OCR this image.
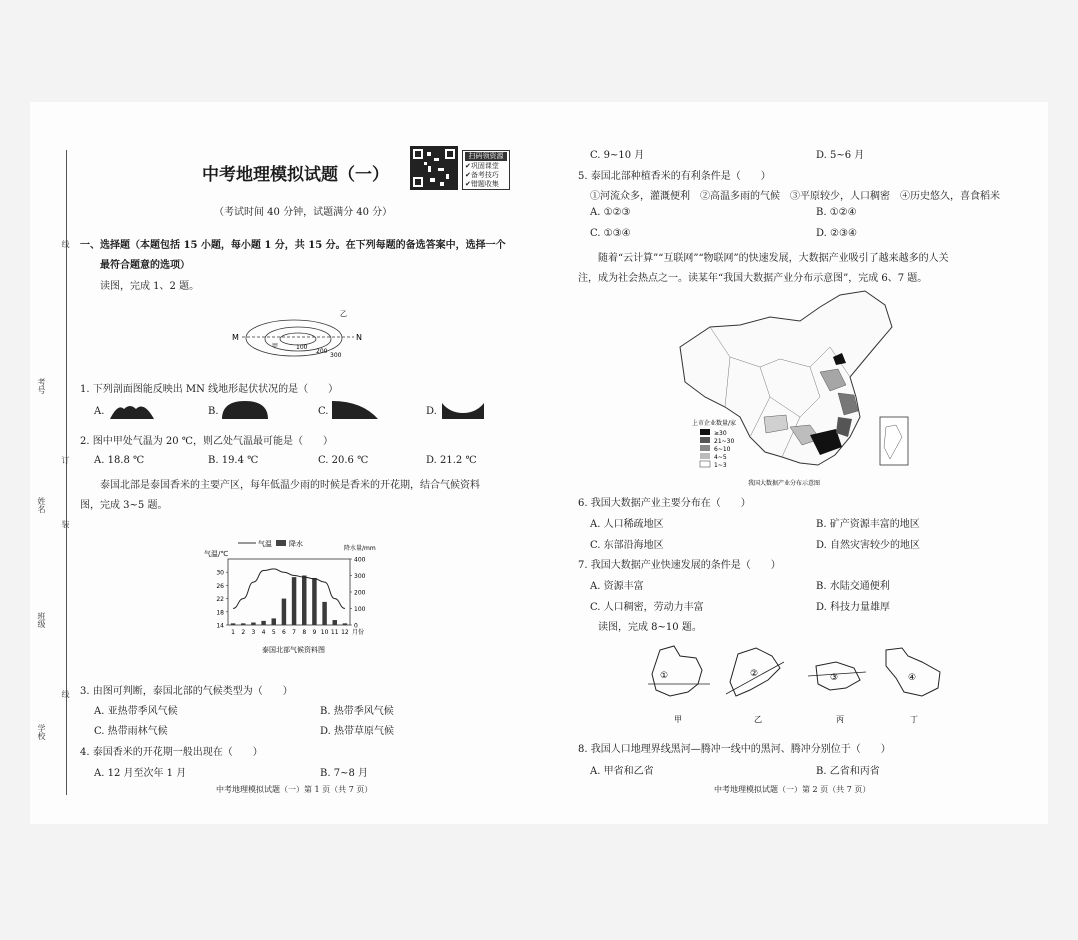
线
订
装
线
学校
班级
姓名
考号
中考地理模拟试题（一）
扫码领资源
✔巩固课堂
✔备考技巧
✔错题收集
（考试时间 40 分钟，试题满分 40 分）
一、选择题（本题包括 15 小题，每小题 1 分，共 15 分。在下列每题的备选答案中，选择一个
最符合题意的选项）
读图，完成 1、2 题。
M	N
乙
甲	100
200
300
1. 下列剖面图能反映出 MN 线地形起伏状况的是（　　）
A.	B.	C.	D.
2. 图中甲处气温为 20 ℃，则乙处气温最可能是（　　）
A. 18.8 ℃	B. 19.4 ℃	C. 20.6 ℃	D. 21.2 ℃
泰国北部是泰国香米的主要产区，每年低温少雨的时候是香米的开花期，结合气候资料
图，完成 3~5 题。
气温 降水
气温/℃
降水量/mm
泰国北部气候资料图
14
18
22
26
30
0
100
200
300
400
1 2 3 4 5 6 7 8 9 10 11 12 月份
3. 由图可判断，泰国北部的气候类型为（　　）
A. 亚热带季风气候	B. 热带季风气候
C. 热带雨林气候	D. 热带草原气候
4. 泰国香米的开花期一般出现在（　　）
A. 12 月至次年 1 月	B. 7~8 月
中考地理模拟试题（一）第 1 页（共 7 页）
C. 9~10 月	D. 5~6 月
5. 泰国北部种植香米的有利条件是（　　）
①河流众多，灌溉便利　②高温多雨的气候　③平原较少，人口稠密　④历史悠久，喜食稻米
A. ①②③	B. ①②④
C. ①③④	D. ②③④
随着“云计算”“互联网”“物联网”的快速发展，大数据产业吸引了越来越多的人关
注，成为社会热点之一。读某年“我国大数据产业分布示意图”，完成 6、7 题。
上市企业数量/家
≥30
21~30
6~10
4~5
1~3
我国大数据产业分布示意图
6. 我国大数据产业主要分布在（　　）
A. 人口稀疏地区	B. 矿产资源丰富的地区
C. 东部沿海地区	D. 自然灾害较少的地区
7. 我国大数据产业快速发展的条件是（　　）
A. 资源丰富	B. 水陆交通便利
C. 人口稠密，劳动力丰富	D. 科技力量雄厚
读图，完成 8~10 题。
①
甲
②
乙
③
丙
④
丁
8. 我国人口地理界线黑河—腾冲一线中的黑河、腾冲分别位于（　　）
A. 甲省和乙省	B. 乙省和丙省
中考地理模拟试题（一）第 2 页（共 7 页）
